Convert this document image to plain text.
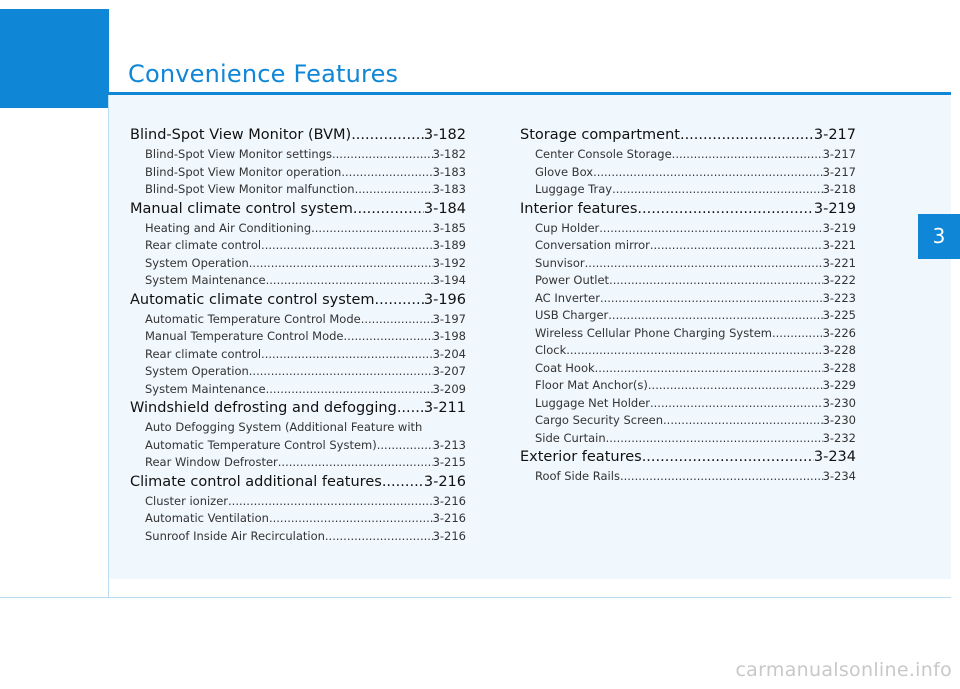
Convenience Features
3
Blind-Spot View Monitor (BVM) .....	3-182
Blind-Spot View Monitor settings .....	3-182
Blind-Spot View Monitor operation .....	3-183
Blind-Spot View Monitor malfunction .....	3-183
Manual climate control system .....	3-184
Heating and Air Conditioning .....	3-185
Rear climate control .....	3-189
System Operation .....	3-192
System Maintenance .....	3-194
Automatic climate control system .....	3-196
Automatic Temperature Control Mode .....	3-197
Manual Temperature Control Mode .....	3-198
Rear climate control .....	3-204
System Operation .....	3-207
System Maintenance .....	3-209
Windshield defrosting and defogging ..... 3-211
Auto Defogging System (Additional Feature with
Automatic Temperature Control System) .....	3-213
Rear Window Defroster .....	3-215
Climate control additional features .....	3-216
Cluster ionizer .....	3-216
Automatic Ventilation .....	3-216
Sunroof Inside Air Recirculation .....	3-216
Storage compartment .....	3-217
Center Console Storage .....	3-217
Glove Box .....	3-217
Luggage Tray .....	3-218
Interior features .....	3-219
Cup Holder .....	3-219
Conversation mirror .....	3-221
Sunvisor .....	3-221
Power Outlet .....	3-222
AC Inverter .....	3-223
USB Charger .....	3-225
Wireless Cellular Phone Charging System .....	3-226
Clock .....	3-228
Coat Hook .....	3-228
Floor Mat Anchor(s) .....	3-229
Luggage Net Holder .....	3-230
Cargo Security Screen .....	3-230
Side Curtain .....	3-232
Exterior features .....	3-234
Roof Side Rails .....	3-234
carmanualsonline.info
